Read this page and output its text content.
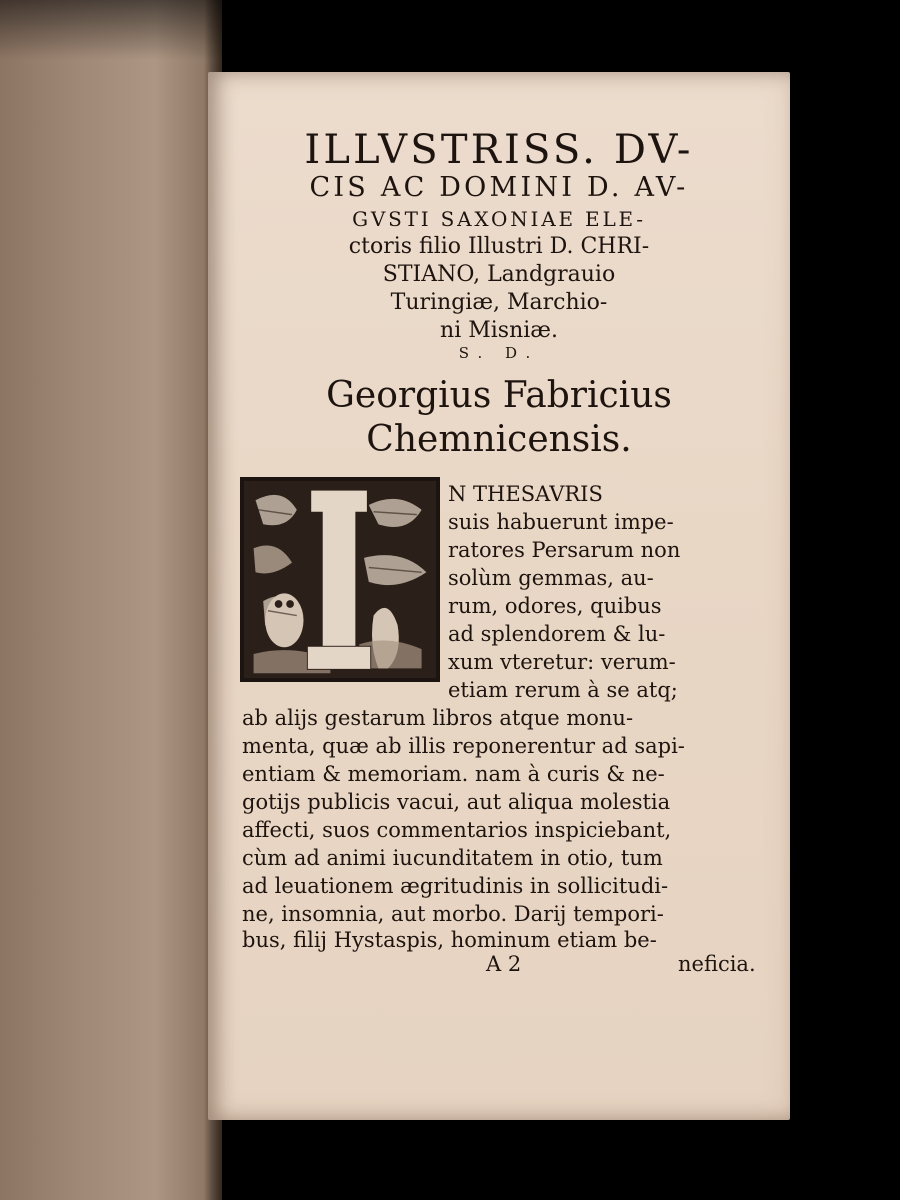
ILLVSTRISS. DV-
CIS AC DOMINI D. AV-
GVSTI SAXONIAE ELE-
ctoris filio Illustri D. CHRI-
STIANO, Landgrauio
Turingiæ, Marchio-
ni Misniæ.
S. D.
Georgius Fabricius
Chemnicensis.
N THESAVRIS
suis habuerunt impe-
ratores Persarum non
solùm gemmas, au-
rum, odores, quibus
ad splendorem & lu-
xum vteretur: verum-
etiam rerum à se atq;
ab alijs gestarum libros atque monu-
menta, quæ ab illis reponerentur ad sapi-
entiam & memoriam. nam à curis & ne-
gotijs publicis vacui, aut aliqua molestia
affecti, suos commentarios inspiciebant,
cùm ad animi iucunditatem in otio, tum
ad leuationem ægritudinis in sollicitudi-
ne, insomnia, aut morbo. Darij tempori-
bus, filij Hystaspis, hominum etiam be-
A 2	neficia.
